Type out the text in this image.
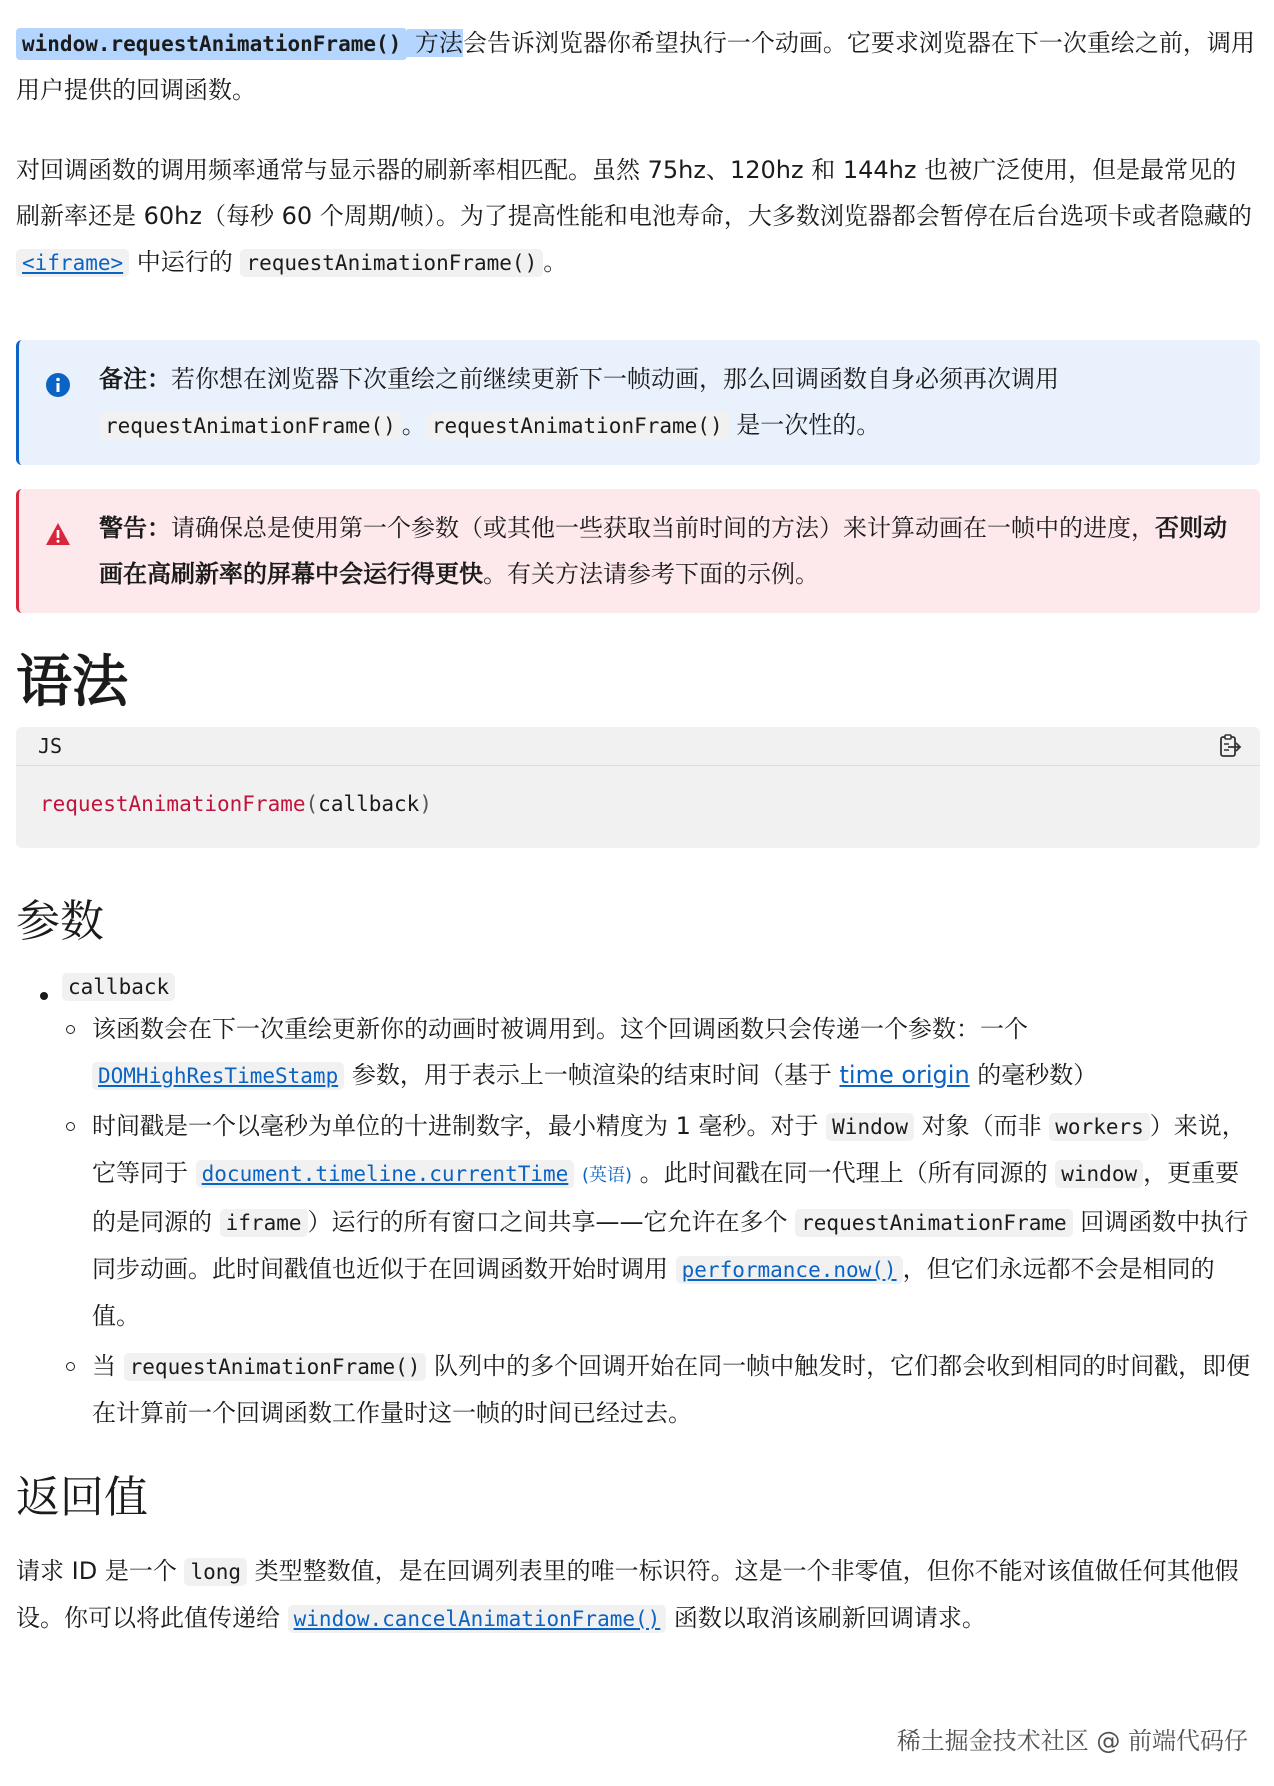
window.requestAnimationFrame() 方法会告诉浏览器你希望执行一个动画。它要求浏览器在下一次重绘之前，调用用户提供的回调函数。

对回调函数的调用频率通常与显示器的刷新率相匹配。虽然 75hz、120hz 和 144hz 也被广泛使用，但是最常见的刷新率还是 60hz（每秒 60 个周期/帧）。为了提高性能和电池寿命，大多数浏览器都会暂停在后台选项卡或者隐藏的 <iframe> 中运行的 requestAnimationFrame() 。

备注：若你想在浏览器下次重绘之前继续更新下一帧动画，那么回调函数自身必须再次调用 requestAnimationFrame() 。 requestAnimationFrame() 是一次性的。

警告：请确保总是使用第一个参数（或其他一些获取当前时间的方法）来计算动画在一帧中的进度，否则动画在高刷新率的屏幕中会运行得更快。有关方法请参考下面的示例。

语法
JS
requestAnimationFrame(callback)
参数
callback

该函数会在下一次重绘更新你的动画时被调用到。这个回调函数只会传递一个参数：一个 DOMHighResTimeStamp 参数，用于表示上一帧渲染的结束时间（基于 time origin 的毫秒数）

时间戳是一个以毫秒为单位的十进制数字，最小精度为 1 毫秒。对于 Window 对象（而非 workers ）来说，它等同于 document.timeline.currentTime (英语) 。此时间戳在同一代理上（所有同源的 window ，更重要的是同源的 iframe ）运行的所有窗口之间共享——它允许在多个 requestAnimationFrame 回调函数中执行同步动画。此时间戳值也近似于在回调函数开始时调用 performance.now() ，但它们永远都不会是相同的值。

当 requestAnimationFrame() 队列中的多个回调开始在同一帧中触发时，它们都会收到相同的时间戳，即便在计算前一个回调函数工作量时这一帧的时间已经过去。

返回值

请求 ID 是一个 long 类型整数值，是在回调列表里的唯一标识符。这是一个非零值，但你不能对该值做任何其他假设。你可以将此值传递给 window.cancelAnimationFrame() 函数以取消该刷新回调请求。

稀土掘金技术社区 @ 前端代码仔
